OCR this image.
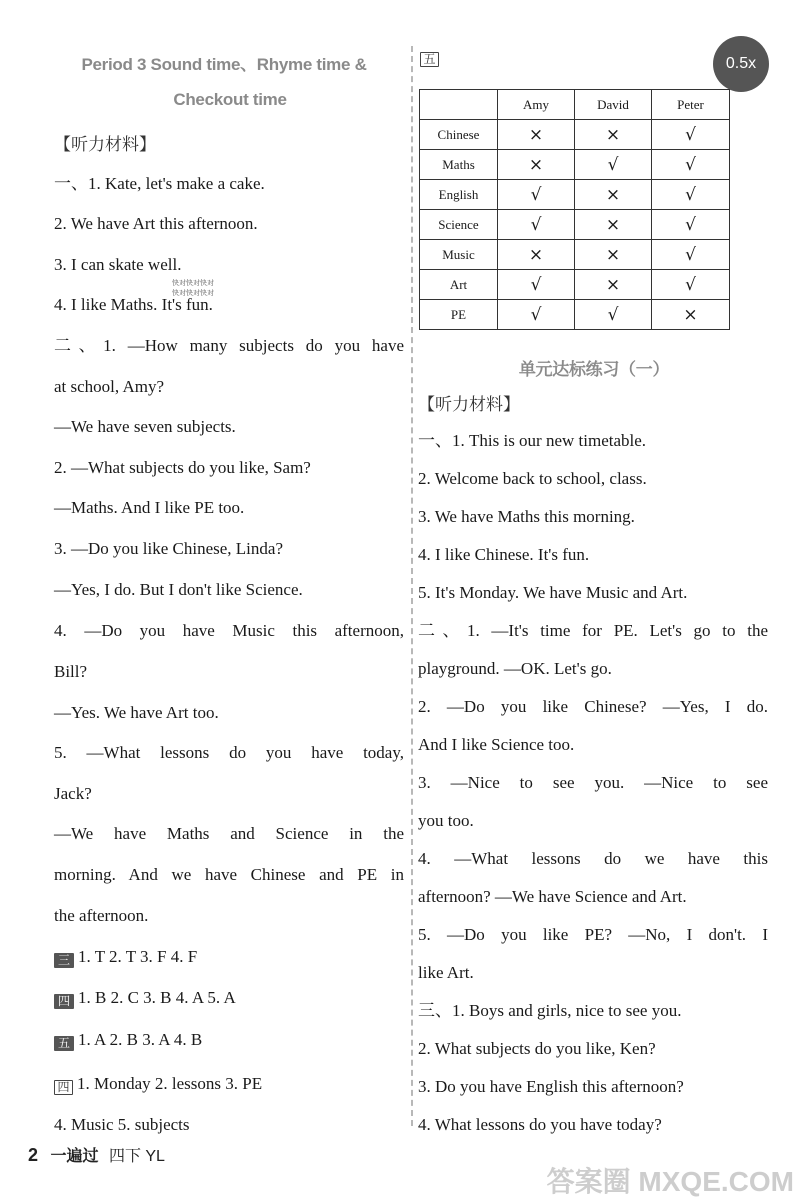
0.5x
Period 3 Sound time、Rhyme time &
Checkout time
【听力材料】
一、1. Kate, let's make a cake.
2. We have Art this afternoon.
3. I can skate well.
4. I like Maths. It's fun.
二、1. —How many subjects do you have
at school, Amy?
—We have seven subjects.
2. —What subjects do you like, Sam?
—Maths. And I like PE too.
3. —Do you like Chinese, Linda?
—Yes, I do. But I don't like Science.
4. —Do you have Music this afternoon,
Bill?
—Yes. We have Art too.
5. —What lessons do you have today,
Jack?
—We have Maths and Science in the
morning. And we have Chinese and PE in
the afternoon.
三 1. T 2. T 3. F 4. F
四 1. B 2. C 3. B 4. A 5. A
五 1. A 2. B 3. A 4. B
四 1. Monday 2. lessons 3. PE
4. Music 5. subjects
快对快对快对
快对快对快对
五
	Amy	David	Peter
Chinese	×	×	√
Maths	×	√	√
English	√	×	√
Science	√	×	√
Music	×	×	√
Art	√	×	√
PE	√	√	×
单元达标练习（一）
【听力材料】
一、1. This is our new timetable.
2. Welcome back to school, class.
3. We have Maths this morning.
4. I like Chinese. It's fun.
5. It's Monday. We have Music and Art.
二、1. —It's time for PE. Let's go to the
playground. —OK. Let's go.
2. —Do you like Chinese? —Yes, I do.
And I like Science too.
3. —Nice to see you. —Nice to see
you too.
4. —What lessons do we have this
afternoon? —We have Science and Art.
5. —Do you like PE? —No, I don't. I
like Art.
三、1. Boys and girls, nice to see you.
2. What subjects do you like, Ken?
3. Do you have English this afternoon?
4. What lessons do you have today?
2 一遍过 四下 YL
答案圈 MXQE.COM
